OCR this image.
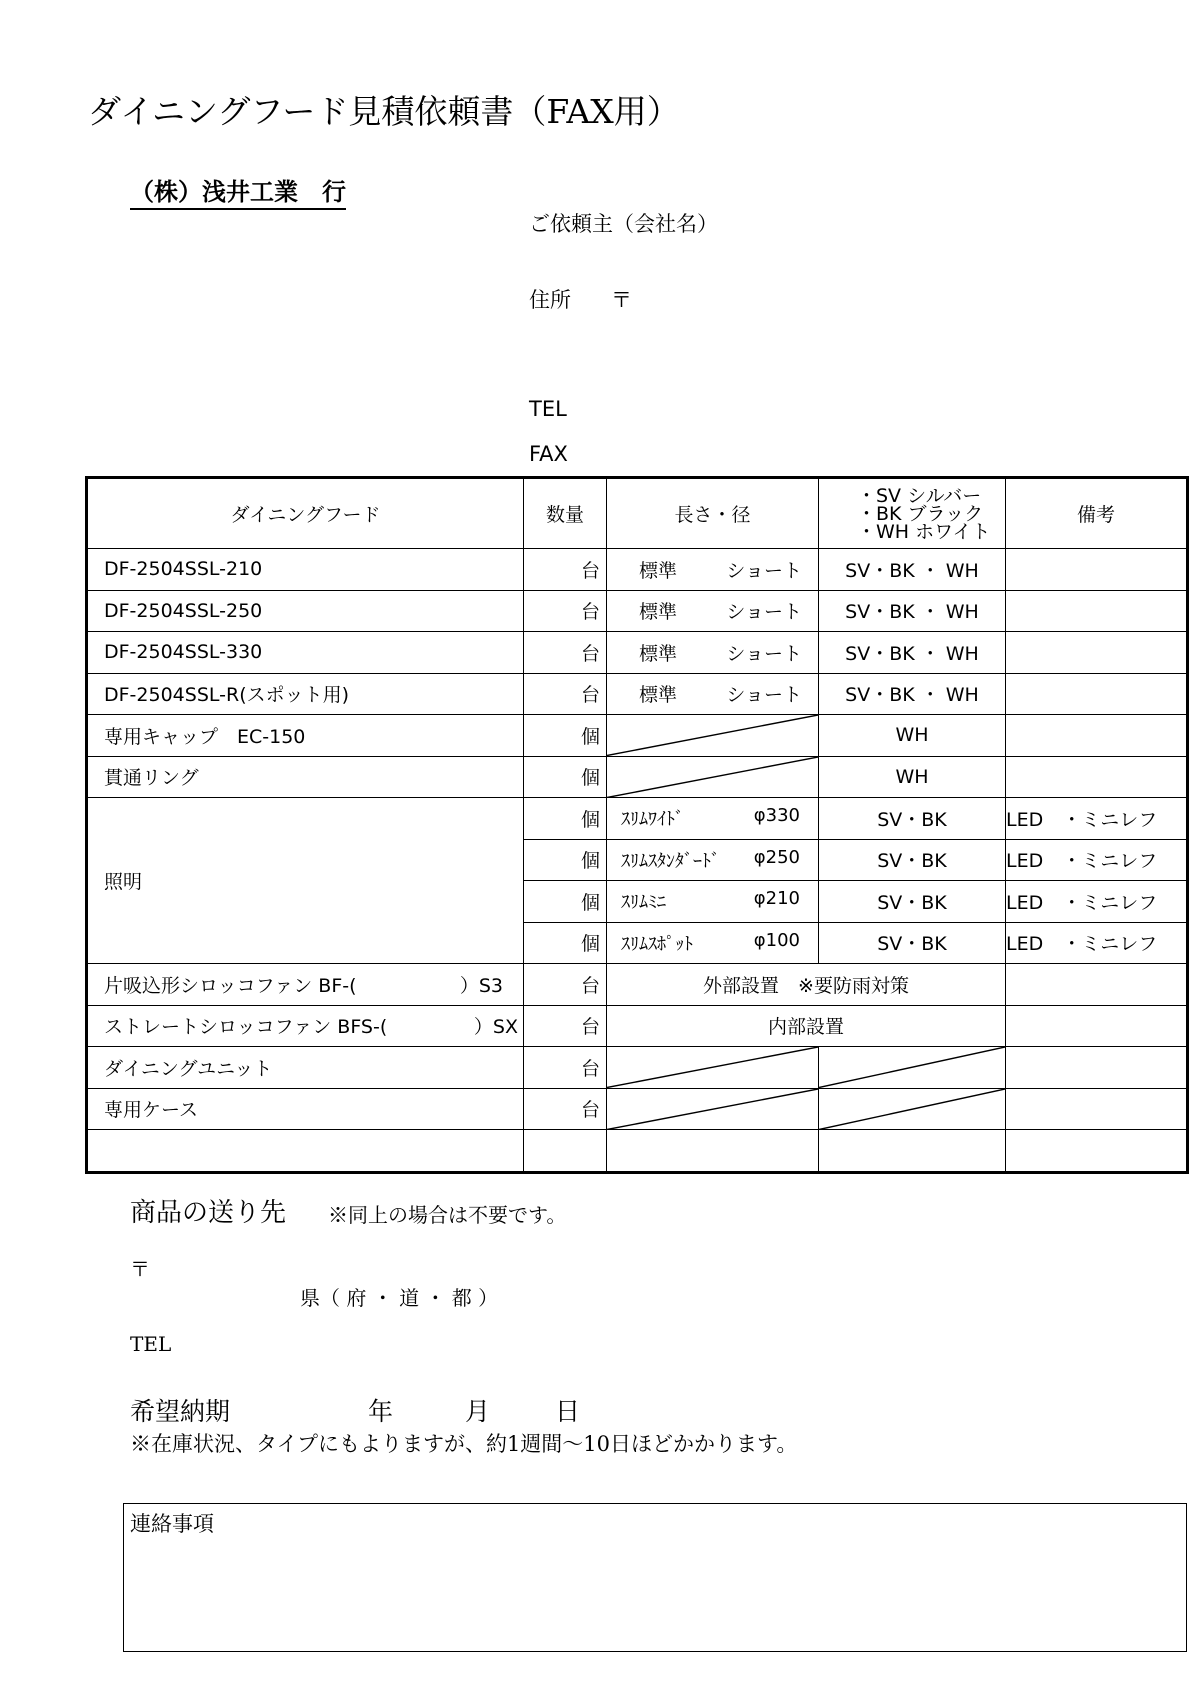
ダイニングフード見積依頼書（FAX用）
（株）浅井工業　行
ご依頼主（会社名）
住所 〒
TEL
FAX
ダイニングフード	数量	長さ・径	・SV シルバー
・BK ブラック
・WH ホワイト	備考
DF-2504SSL-210	台	標準 ショート	SV・BK ・ WH	
DF-2504SSL-250	台	標準 ショート	SV・BK ・ WH	
DF-2504SSL-330	台	標準 ショート	SV・BK ・ WH	
DF-2504SSL-R(スポット用)	台	標準 ショート	SV・BK ・ WH	
専用キャップ　EC-150	個		WH	
貫通リング	個		WH	
照明	個	ｽﾘﾑﾜｲﾄﾞ φ330	SV・BK	LED　・ミニレフ
	個	ｽﾘﾑｽﾀﾝﾀﾞｰﾄﾞ φ250	SV・BK	LED　・ミニレフ
	個	ｽﾘﾑﾐﾆ φ210	SV・BK	LED　・ミニレフ
	個	ｽﾘﾑｽﾎﾟｯﾄ φ100	SV・BK	LED　・ミニレフ

片吸込形シロッコファン BF-( ）S3	台	外部設置　※要防雨対策		

ストレートシロッコファン BFS-( ）SX	台	内部設置		
ダイニングユニット	台	

専用ケース	台	

商品の送り先 ※同上の場合は不要です。
〒
県（ 府 ・ 道 ・ 都 ）
TEL
希望納期	年	月	日
※在庫状況、タイプにもよりますが、約1週間～10日ほどかかります。
連絡事項
